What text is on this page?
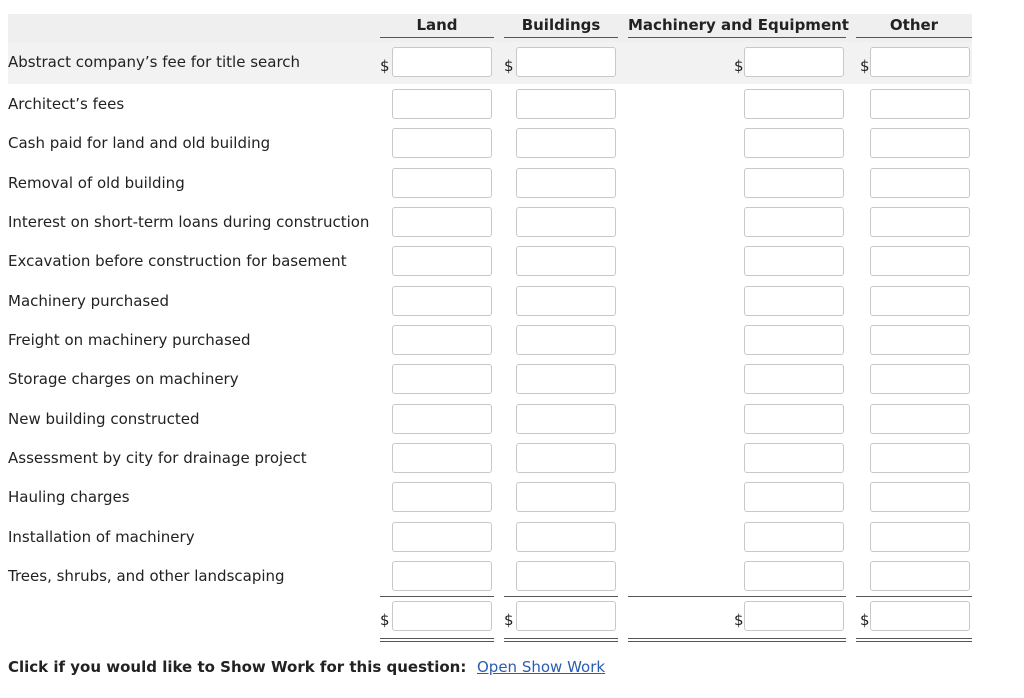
Land	Buildings	Machinery and Equipment	Other
Abstract company’s fee for title search	$	$	$	$
Architect’s fees
Cash paid for land and old building
Removal of old building
Interest on short-term loans during construction
Excavation before construction for basement
Machinery purchased
Freight on machinery purchased
Storage charges on machinery
New building constructed
Assessment by city for drainage project
Hauling charges
Installation of machinery
Trees, shrubs, and other landscaping
$	$	$	$
Click if you would like to Show Work for this question: Open Show Work
